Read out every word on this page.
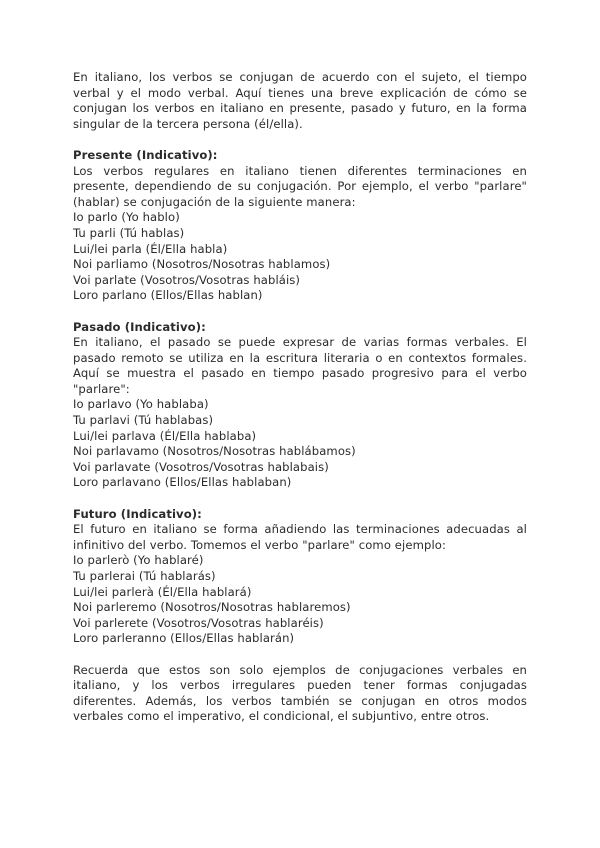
En italiano, los verbos se conjugan de acuerdo con el sujeto, el tiempo verbal y el modo verbal. Aquí tienes una breve explicación de cómo se conjugan los verbos en italiano en presente, pasado y futuro, en la forma singular de la tercera persona (él/ella).

Presente (Indicativo):

Los verbos regulares en italiano tienen diferentes terminaciones en presente, dependiendo de su conjugación. Por ejemplo, el verbo "parlare" (hablar) se conjugación de la siguiente manera:

Io parlo (Yo hablo)
Tu parli (Tú hablas)
Lui/lei parla (Él/Ella habla)
Noi parliamo (Nosotros/Nosotras hablamos)
Voi parlate (Vosotros/Vosotras habláis)
Loro parlano (Ellos/Ellas hablan)

Pasado (Indicativo):

En italiano, el pasado se puede expresar de varias formas verbales. El pasado remoto se utiliza en la escritura literaria o en contextos formales. Aquí se muestra el pasado en tiempo pasado progresivo para el verbo "parlare":

Io parlavo (Yo hablaba)
Tu parlavi (Tú hablabas)
Lui/lei parlava (Él/Ella hablaba)
Noi parlavamo (Nosotros/Nosotras hablábamos)
Voi parlavate (Vosotros/Vosotras hablabais)
Loro parlavano (Ellos/Ellas hablaban)

Futuro (Indicativo):

El futuro en italiano se forma añadiendo las terminaciones adecuadas al infinitivo del verbo. Tomemos el verbo "parlare" como ejemplo:

Io parlerò (Yo hablaré)
Tu parlerai (Tú hablarás)
Lui/lei parlerà (Él/Ella hablará)
Noi parleremo (Nosotros/Nosotras hablaremos)
Voi parlerete (Vosotros/Vosotras hablaréis)
Loro parleranno (Ellos/Ellas hablarán)

Recuerda que estos son solo ejemplos de conjugaciones verbales en italiano, y los verbos irregulares pueden tener formas conjugadas diferentes. Además, los verbos también se conjugan en otros modos verbales como el imperativo, el condicional, el subjuntivo, entre otros.
